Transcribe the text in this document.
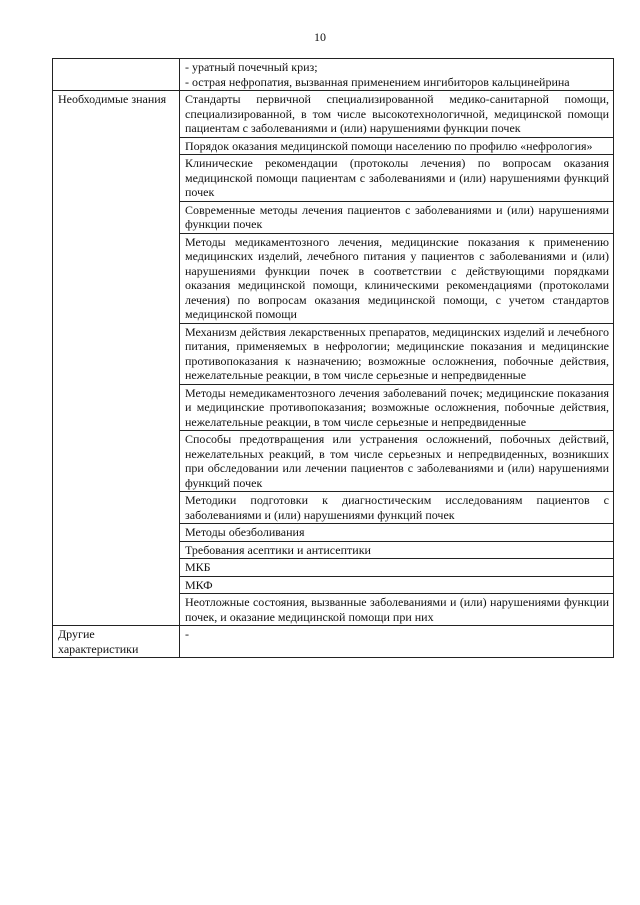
10

	- уратный почечный криз;
- острая нефропатия, вызванная применением ингибиторов кальцинейрина

Необходимые знания	Стандарты первичной специализированной медико-санитарной помощи, специализированной, в том числе высокотехнологичной, медицинской помощи пациентам с заболеваниями и (или) нарушениями функции почек
	Порядок оказания медицинской помощи населению по профилю «нефрология»
	Клинические рекомендации (протоколы лечения) по вопросам оказания медицинской помощи пациентам с заболеваниями и (или) нарушениями функций почек
	Современные методы лечения пациентов с заболеваниями и (или) нарушениями функции почек
	Методы медикаментозного лечения, медицинские показания к применению медицинских изделий, лечебного питания у пациентов с заболеваниями и (или) нарушениями функции почек в соответствии с действующими порядками оказания медицинской помощи, клиническими рекомендациями (протоколами лечения) по вопросам оказания медицинской помощи, с учетом стандартов медицинской помощи
	Механизм действия лекарственных препаратов, медицинских изделий и лечебного питания, применяемых в нефрологии; медицинские показания и медицинские противопоказания к назначению; возможные осложнения, побочные действия, нежелательные реакции, в том числе серьезные и непредвиденные
	Методы немедикаментозного лечения заболеваний почек; медицинские показания и медицинские противопоказания; возможные осложнения, побочные действия, нежелательные реакции, в том числе серьезные и непредвиденные
	Способы предотвращения или устранения осложнений, побочных действий, нежелательных реакций, в том числе серьезных и непредвиденных, возникших при обследовании или лечении пациентов с заболеваниями и (или) нарушениями функций почек
	Методики подготовки к диагностическим исследованиям пациентов с заболеваниями и (или) нарушениями функций почек
	Методы обезболивания
	Требования асептики и антисептики
	МКБ
	МКФ
	Неотложные состояния, вызванные заболеваниями и (или) нарушениями функции почек, и оказание медицинской помощи при них
Другие характеристики	-
